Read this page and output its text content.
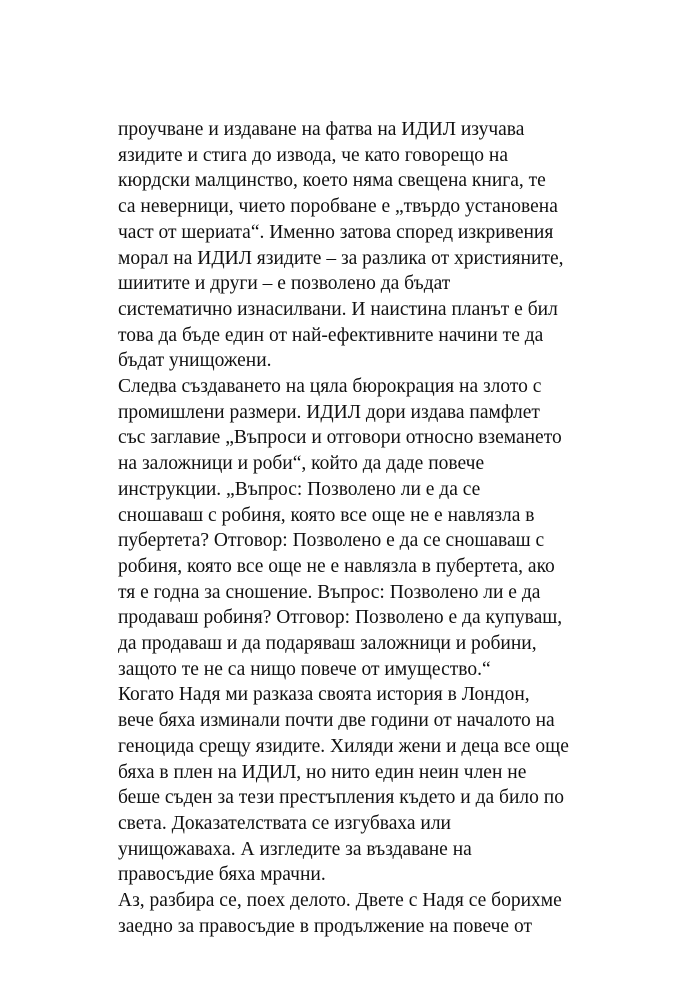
проучване и издаване на фатва на ИДИЛ изучава
язидите и стига до извода, че като говорещо на
кюрдски малцинство, което няма свещена книга, те
са неверници, чието поробване е „твърдо установена
част от шериата“. Именно затова според изкривения
морал на ИДИЛ язидите – за разлика от християните,
шиитите и други – е позволено да бъдат
систематично изнасилвани. И наистина планът е бил
това да бъде един от най-ефективните начини те да
бъдат унищожени.
Следва създаването на цяла бюрокрация на злото с
промишлени размери. ИДИЛ дори издава памфлет
със заглавие „Въпроси и отговори относно вземането
на заложници и роби“, който да даде повече
инструкции. „Въпрос: Позволено ли е да се
сношаваш с робиня, която все още не е навлязла в
пубертета? Отговор: Позволено е да се сношаваш с
робиня, която все още не е навлязла в пубертета, ако
тя е годна за сношение. Въпрос: Позволено ли е да
продаваш робиня? Отговор: Позволено е да купуваш,
да продаваш и да подаряваш заложници и робини,
защото те не са нищо повече от имущество.“
Когато Надя ми разказа своята история в Лондон,
вече бяха изминали почти две години от началото на
геноцида срещу язидите. Хиляди жени и деца все още
бяха в плен на ИДИЛ, но нито един неин член не
беше съден за тези престъпления където и да било по
света. Доказателствата се изгубваха или
унищожаваха. А изгледите за въздаване на
правосъдие бяха мрачни.
Аз, разбира се, поех делото. Двете с Надя се борихме
заедно за правосъдие в продължение на повече от
